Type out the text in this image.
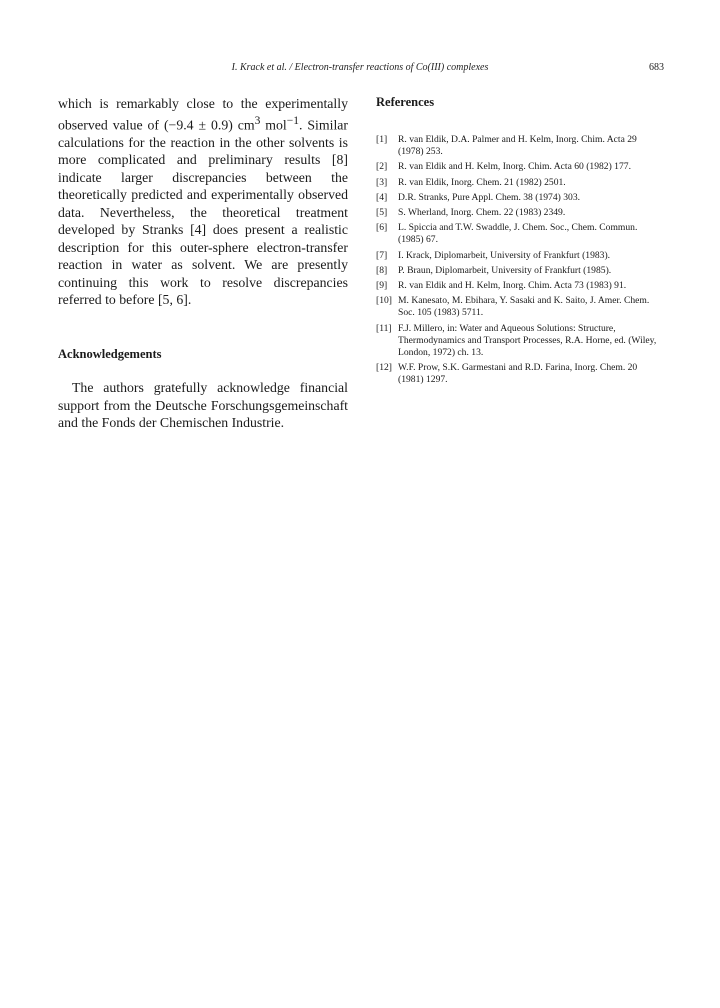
I. Krack et al. / Electron-transfer reactions of Co(III) complexes	683

which is remarkably close to the experimentally observed value of (−9.4 ± 0.9) $cm^3$ mol$^{-1}$. Similar calculations for the reaction in the other solvents is more complicated and preliminary results [8] indicate larger discrepancies between the theoretically predicted and experimentally observed data. Nevertheless, the theoretical treatment developed by Stranks [4] does present a realistic description for this outer-sphere electron-transfer reaction in water as solvent. We are presently continuing this work to resolve discrepancies referred to before [5, 6].

Acknowledgements

The authors gratefully acknowledge financial support from the Deutsche Forschungsgemeinschaft and the Fonds der Chemischen Industrie.

References
[1] R. van Eldik, D.A. Palmer and H. Kelm, Inorg. Chim. Acta 29 (1978) 253.
[2] R. van Eldik and H. Kelm, Inorg. Chim. Acta 60 (1982) 177.
[3] R. van Eldik, Inorg. Chem. 21 (1982) 2501.
[4] D.R. Stranks, Pure Appl. Chem. 38 (1974) 303.
[5] S. Wherland, Inorg. Chem. 22 (1983) 2349.
[6] L. Spiccia and T.W. Swaddle, J. Chem. Soc., Chem. Commun. (1985) 67.
[7] I. Krack, Diplomarbeit, University of Frankfurt (1983).
[8] P. Braun, Diplomarbeit, University of Frankfurt (1985).
[9] R. van Eldik and H. Kelm, Inorg. Chim. Acta 73 (1983) 91.
[10] M. Kanesato, M. Ebihara, Y. Sasaki and K. Saito, J. Amer. Chem. Soc. 105 (1983) 5711.
[11] F.J. Millero, in: Water and Aqueous Solutions: Structure, Thermodynamics and Transport Processes, R.A. Horne, ed. (Wiley, London, 1972) ch. 13.
[12] W.F. Prow, S.K. Garmestani and R.D. Farina, Inorg. Chem. 20 (1981) 1297.
